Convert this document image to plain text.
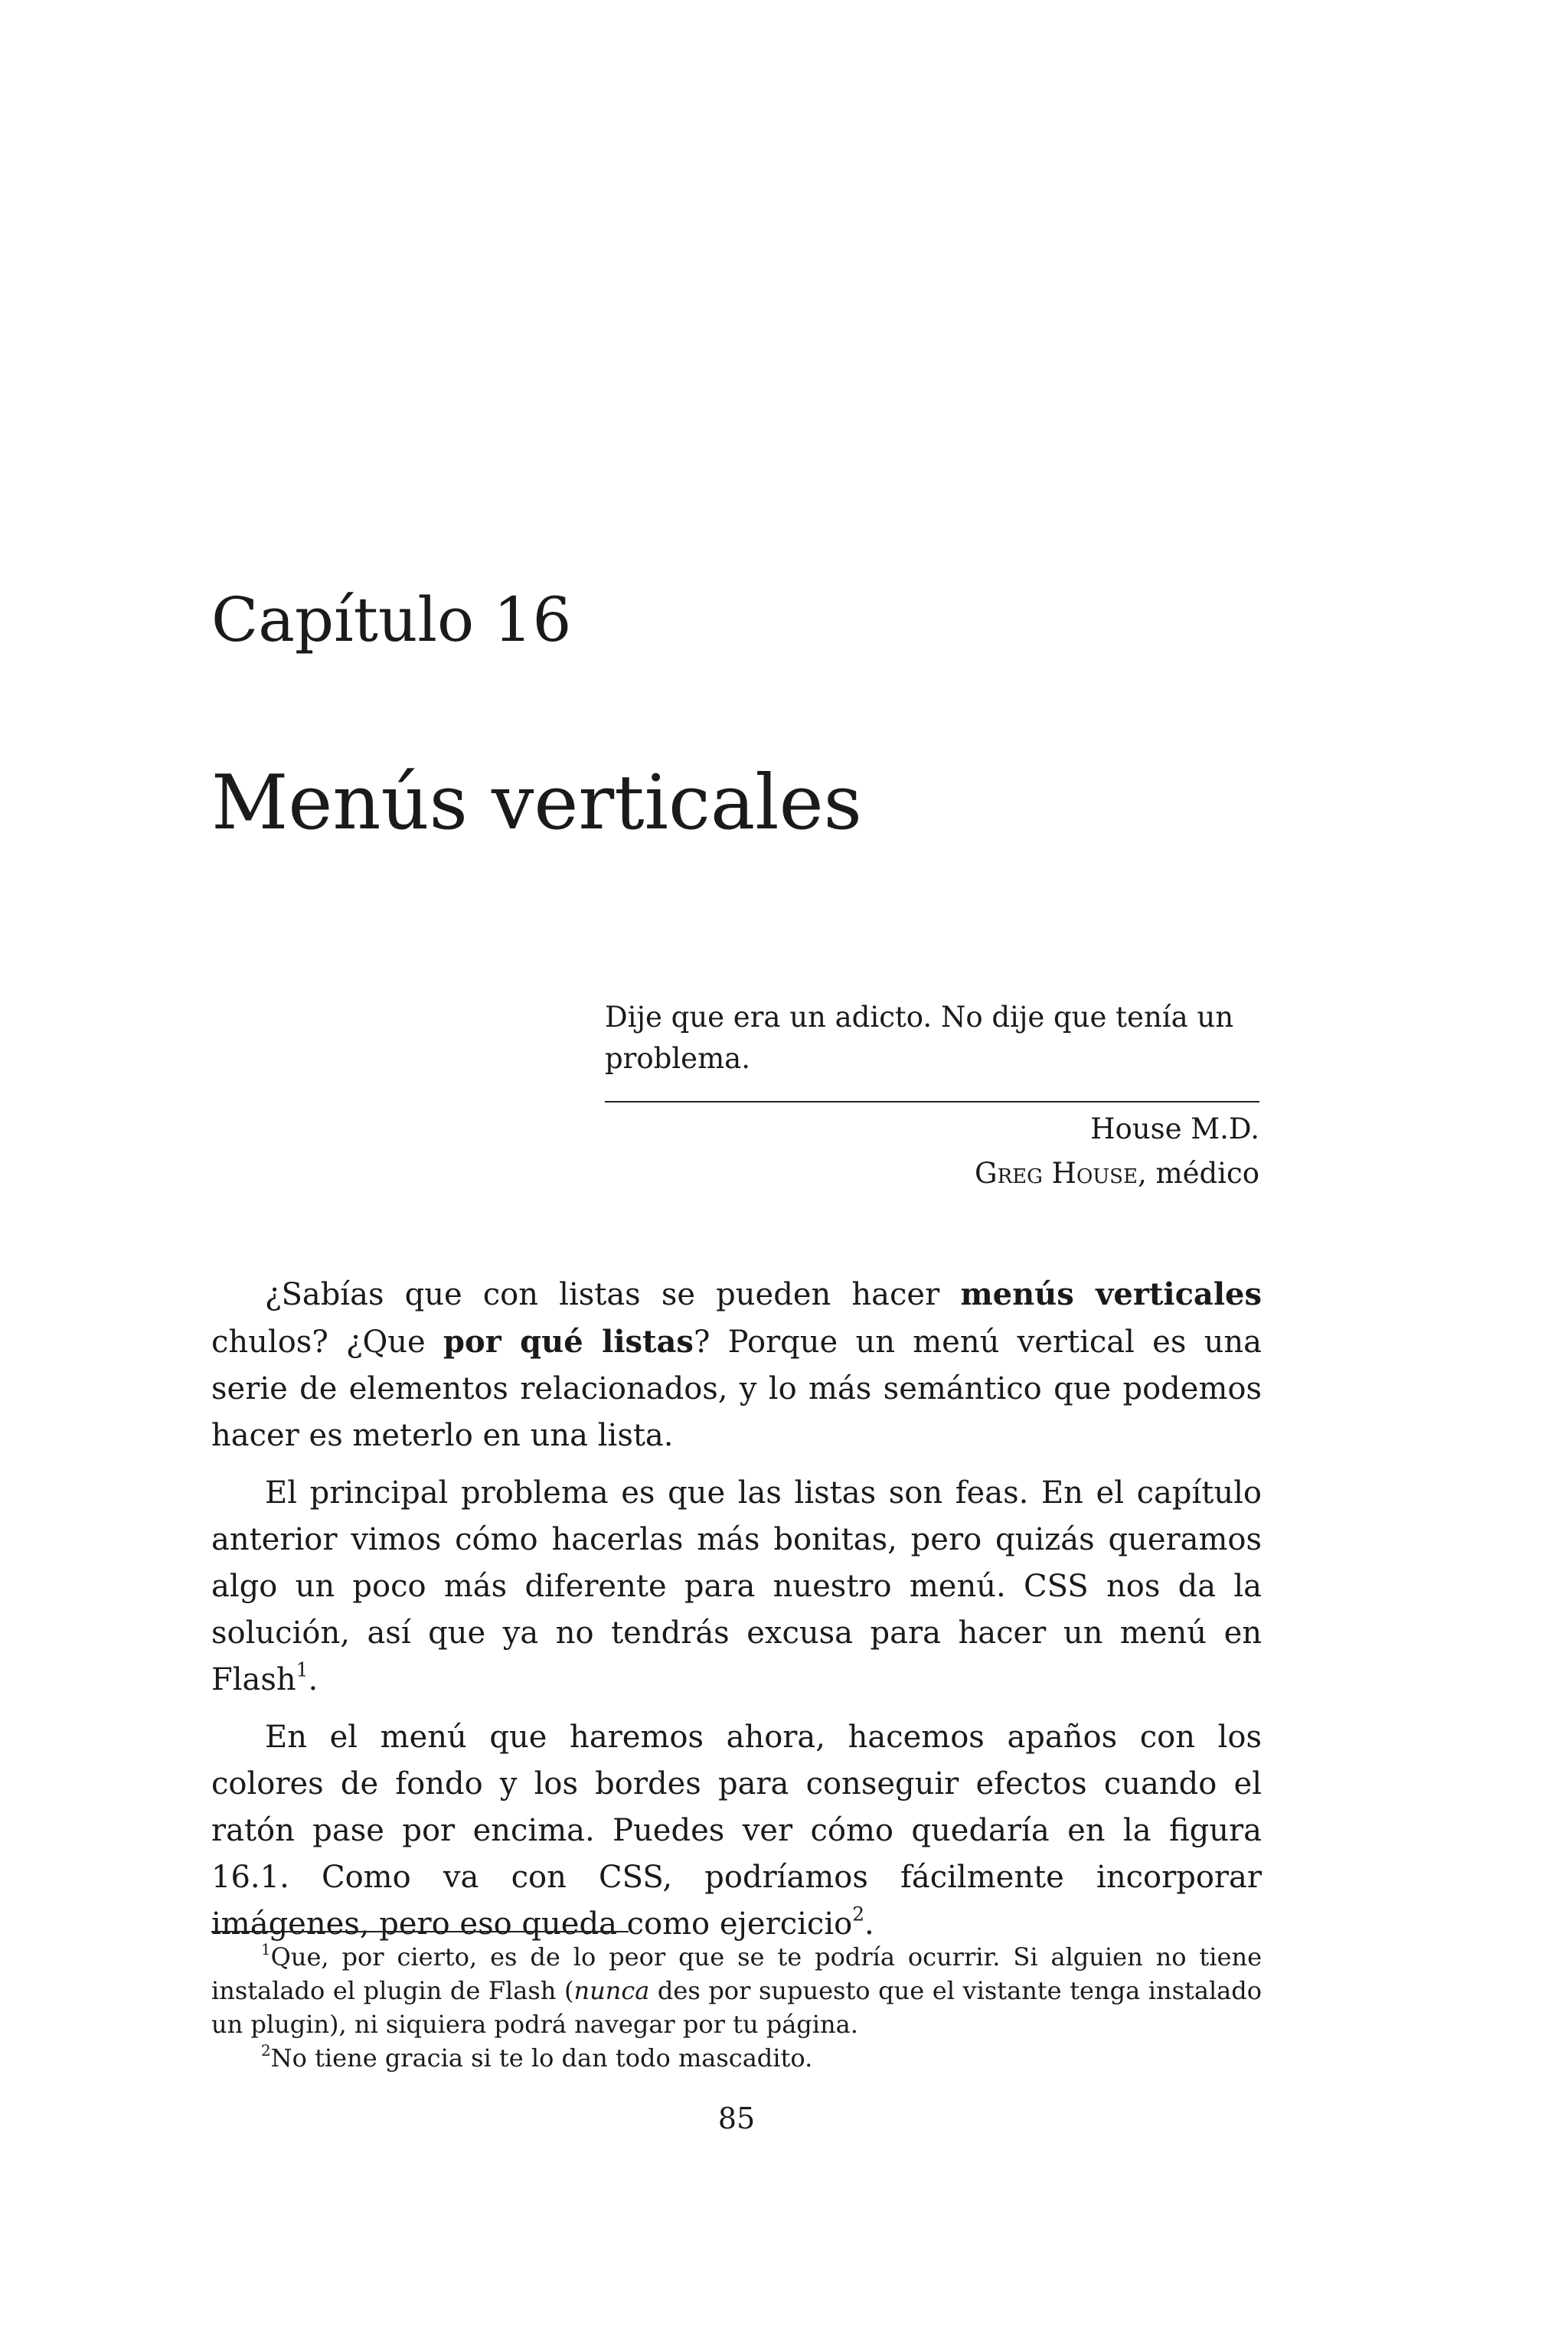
Capítulo 16
Menús verticales

Dije que era un adicto. No dije que tenía un problema.

House M.D.
Greg House, médico

¿Sabías que con listas se pueden hacer menús verticales chulos? ¿Que por qué listas? Porque un menú vertical es una serie de elementos relacionados, y lo más semántico que podemos hacer es meterlo en una lista.

El principal problema es que las listas son feas. En el capítulo anterior vimos cómo hacerlas más bonitas, pero quizás queramos algo un poco más diferente para nuestro menú. CSS nos da la solución, así que ya no tendrás excusa para hacer un menú en Flash$^1$.

En el menú que haremos ahora, hacemos apaños con los colores de fondo y los bordes para conseguir efectos cuando el ratón pase por encima. Puedes ver cómo quedaría en la figura 16.1. Como va con CSS, podríamos fácilmente incorporar imágenes, pero eso queda como ejercicio$^2$.

$^1$Que, por cierto, es de lo peor que se te podría ocurrir. Si alguien no tiene instalado el plugin de Flash (nunca des por supuesto que el vistante tenga instalado un plugin), ni siquiera podrá navegar por tu página.

$^2$No tiene gracia si te lo dan todo mascadito.

85
